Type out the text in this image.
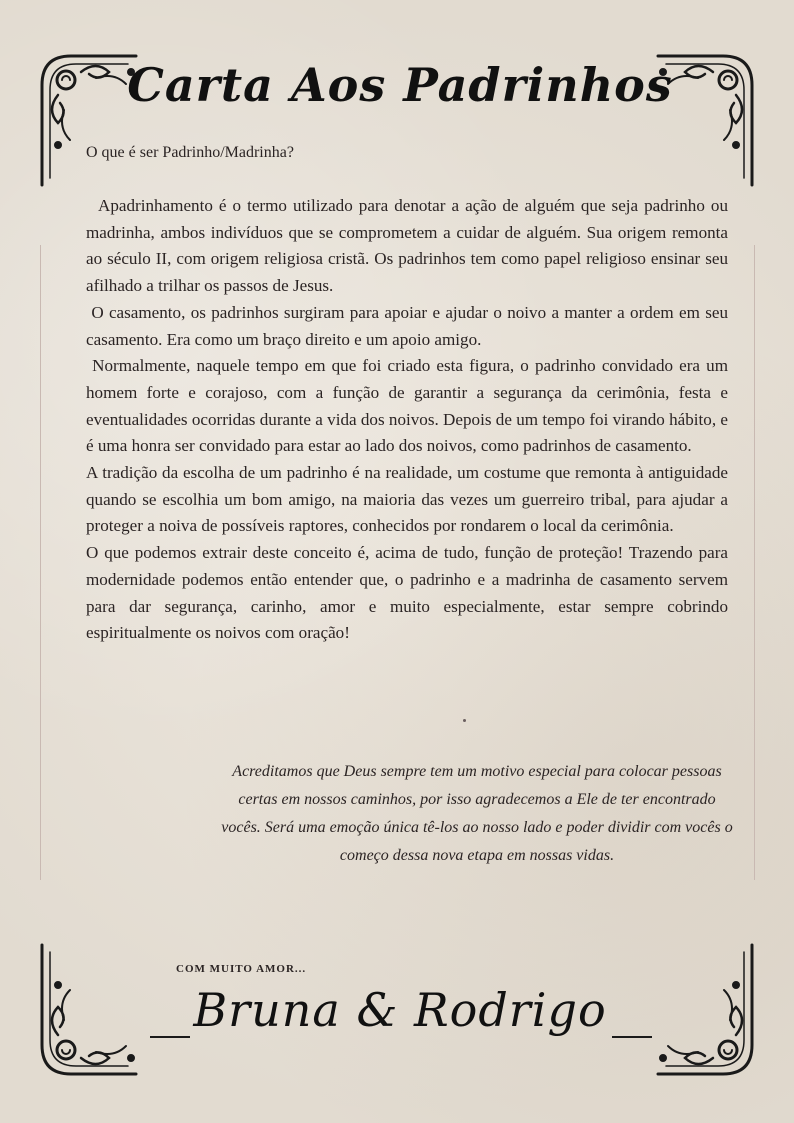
Carta Aos Padrinhos
O que é ser Padrinho/Madrinha?

Apadrinhamento é o termo utilizado para denotar a ação de alguém que seja padrinho ou madrinha, ambos indivíduos que se comprometem a cuidar de alguém. Sua origem remonta ao século II, com origem religiosa cristã. Os padrinhos tem como papel religioso ensinar seu afilhado a trilhar os passos de Jesus.

O casamento, os padrinhos surgiram para apoiar e ajudar o noivo a manter a ordem em seu casamento. Era como um braço direito e um apoio amigo.

Normalmente, naquele tempo em que foi criado esta figura, o padrinho convidado era um homem forte e corajoso, com a função de garantir a segurança da cerimônia, festa e eventualidades ocorridas durante a vida dos noivos. Depois de um tempo foi virando hábito, e é uma honra ser convidado para estar ao lado dos noivos, como padrinhos de casamento.

A tradição da escolha de um padrinho é na realidade, um costume que remonta à antiguidade quando se escolhia um bom amigo, na maioria das vezes um guerreiro tribal, para ajudar a proteger a noiva de possíveis raptores, conhecidos por rondarem o local da cerimônia.

O que podemos extrair deste conceito é, acima de tudo, função de proteção! Trazendo para modernidade podemos então entender que, o padrinho e a madrinha de casamento servem para dar segurança, carinho, amor e muito especialmente, estar sempre cobrindo espiritualmente os noivos com oração!

Acreditamos que Deus sempre tem um motivo especial para colocar pessoas certas em nossos caminhos, por isso agradecemos a Ele de ter encontrado vocês. Será uma emoção única tê-los ao nosso lado e poder dividir com vocês o começo dessa nova etapa em nossas vidas.
COM MUITO AMOR...
Bruna & Rodrigo
